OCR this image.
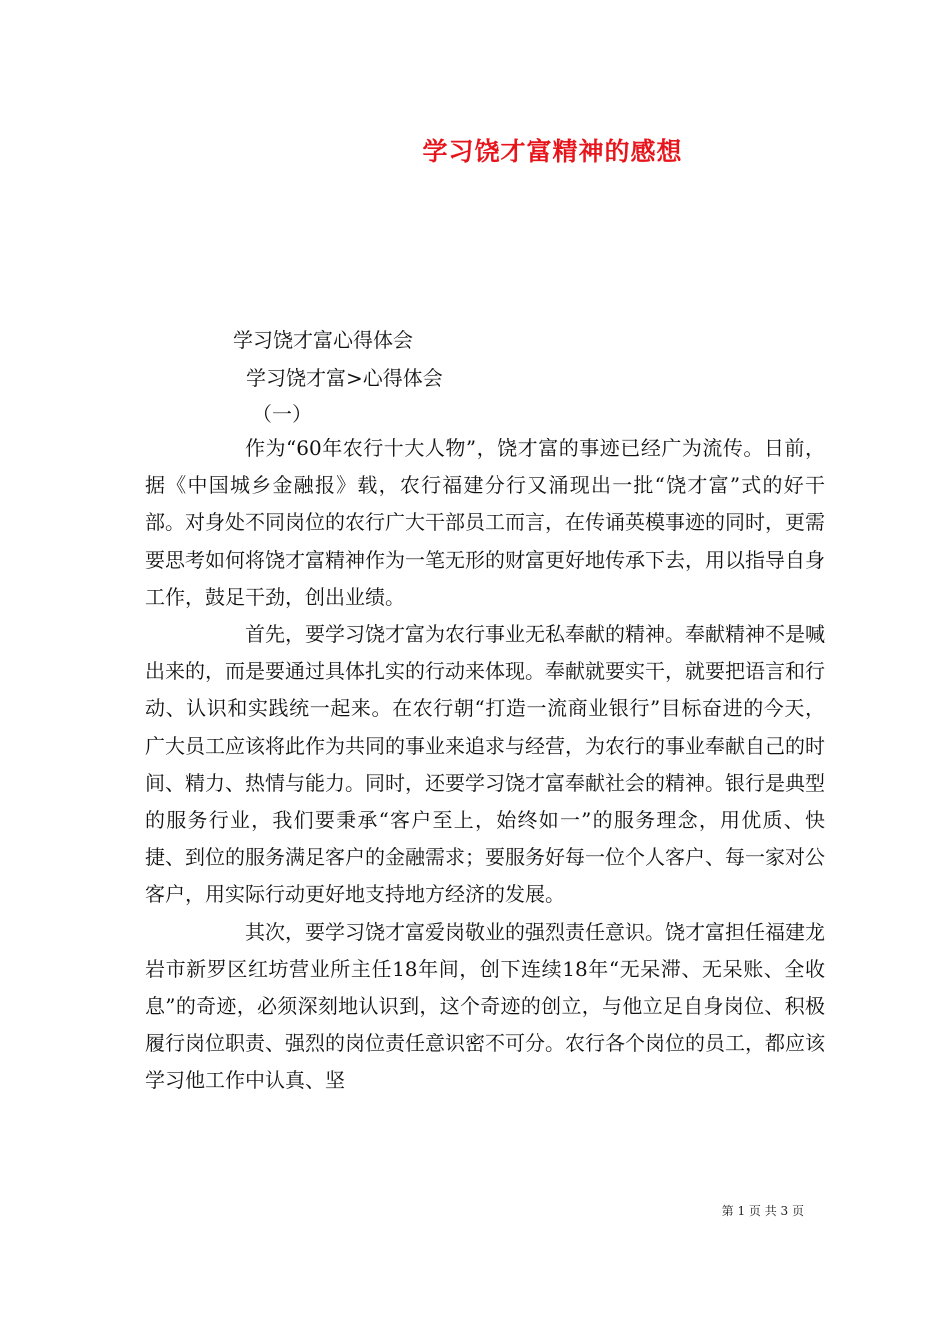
学习饶才富精神的感想
学习饶才富心得体会
学习饶才富>心得体会
（一）

作为“60年农行十大人物”，饶才富的事迹已经广为流传。日前，据《中国城乡金融报》载，农行福建分行又涌现出一批“饶才富”式的好干部。对身处不同岗位的农行广大干部员工而言，在传诵英模事迹的同时，更需要思考如何将饶才富精神作为一笔无形的财富更好地传承下去，用以指导自身工作，鼓足干劲，创出业绩。

首先，要学习饶才富为农行事业无私奉献的精神。奉献精神不是喊出来的，而是要通过具体扎实的行动来体现。奉献就要实干，就要把语言和行动、认识和实践统一起来。在农行朝“打造一流商业银行”目标奋进的今天，广大员工应该将此作为共同的事业来追求与经营，为农行的事业奉献自己的时间、精力、热情与能力。同时，还要学习饶才富奉献社会的精神。银行是典型的服务行业，我们要秉承“客户至上，始终如一”的服务理念，用优质、快捷、到位的服务满足客户的金融需求；要服务好每一位个人客户、每一家对公客户，用实际行动更好地支持地方经济的发展。

其次，要学习饶才富爱岗敬业的强烈责任意识。饶才富担任福建龙岩市新罗区红坊营业所主任18年间，创下连续18年“无呆滞、无呆账、全收息”的奇迹，必须深刻地认识到，这个奇迹的创立，与他立足自身岗位、积极履行岗位职责、强烈的岗位责任意识密不可分。农行各个岗位的员工，都应该学习他工作中认真、坚

第 1 页 共 3 页
